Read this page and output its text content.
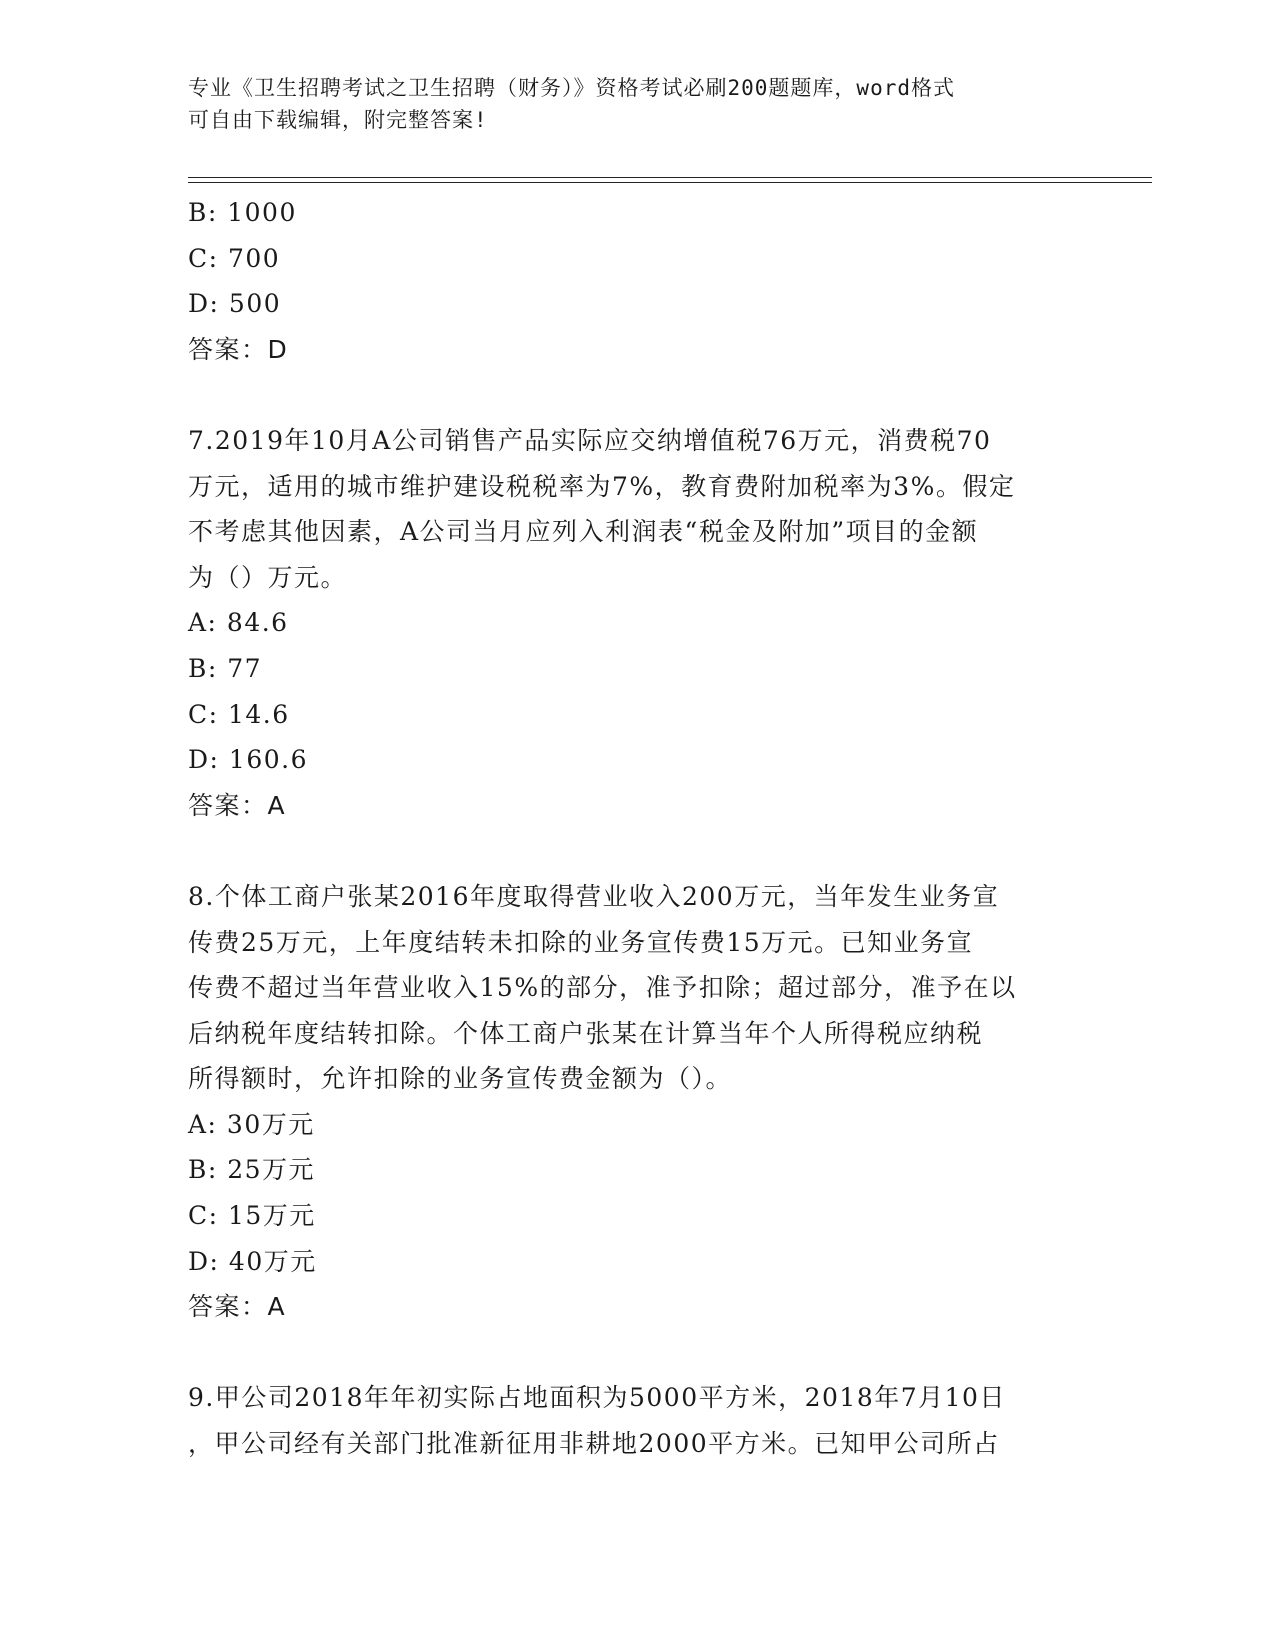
专业《卫生招聘考试之卫生招聘（财务）》资格考试必刷200题题库，word格式
可自由下载编辑，附完整答案!
B: 1000
C: 700
D: 500
答案：D
7.2019年10月A公司销售产品实际应交纳增值税76万元，消费税70
万元，适用的城市维护建设税税率为7%，教育费附加税率为3%。假定
不考虑其他因素，A公司当月应列入利润表“税金及附加”项目的金额
为（）万元。
A: 84.6
B: 77
C: 14.6
D: 160.6
答案：A
8.个体工商户张某2016年度取得营业收入200万元，当年发生业务宣
传费25万元，上年度结转未扣除的业务宣传费15万元。已知业务宣
传费不超过当年营业收入15%的部分，准予扣除；超过部分，准予在以
后纳税年度结转扣除。个体工商户张某在计算当年个人所得税应纳税
所得额时，允许扣除的业务宣传费金额为（）。
A: 30万元
B: 25万元
C: 15万元
D: 40万元
答案：A
9.甲公司2018年年初实际占地面积为5000平方米，2018年7月10日
，甲公司经有关部门批准新征用非耕地2000平方米。已知甲公司所占
